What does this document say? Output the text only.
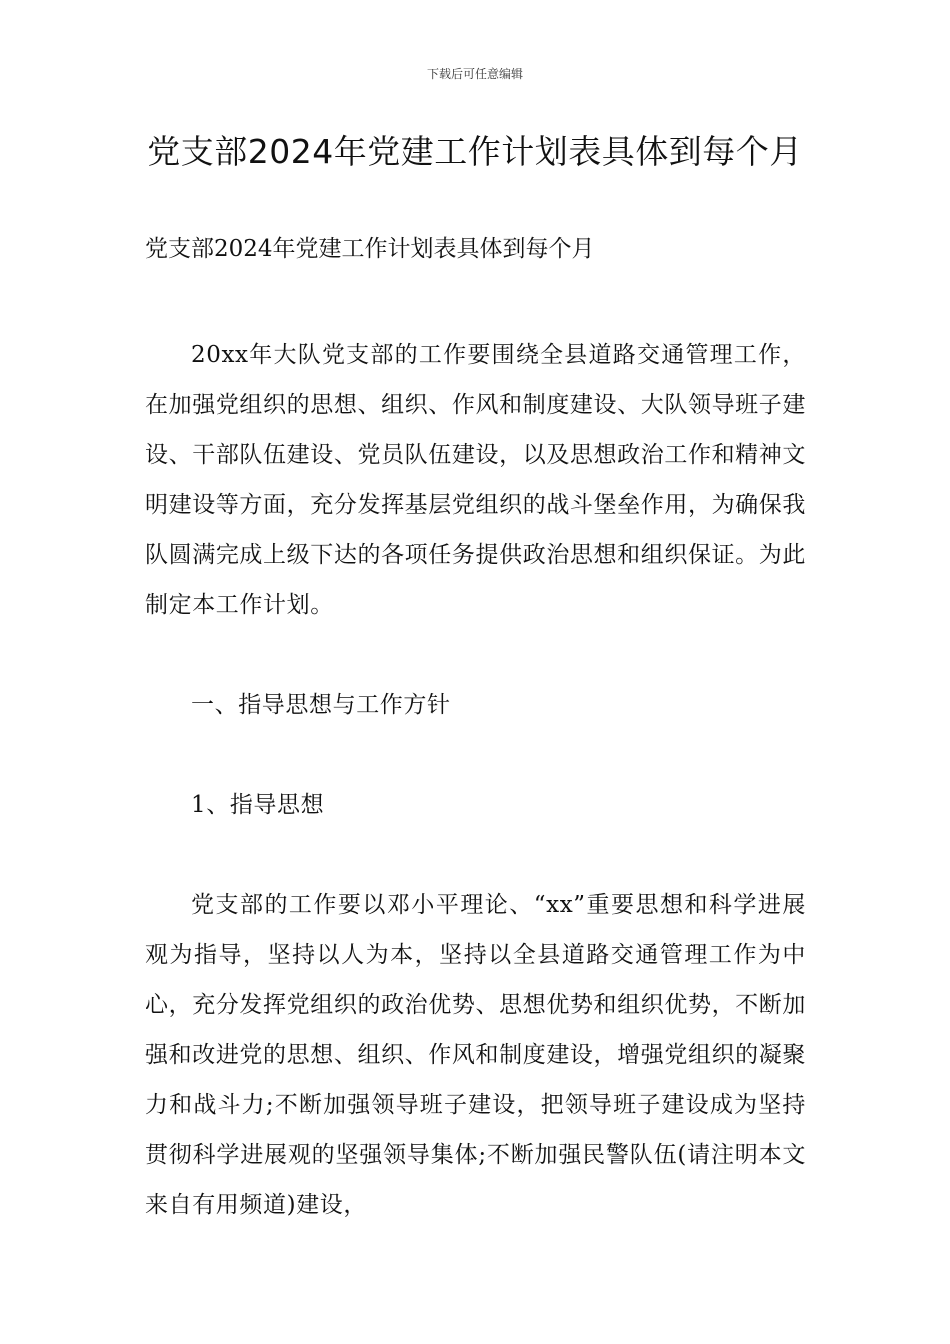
下载后可任意编辑
党支部2024年党建工作计划表具体到每个月
党支部2024年党建工作计划表具体到每个月

20xx年大队党支部的工作要围绕全县道路交通管理工作，在加强党组织的思想、组织、作风和制度建设、大队领导班子建设、干部队伍建设、党员队伍建设，以及思想政治工作和精神文明建设等方面，充分发挥基层党组织的战斗堡垒作用，为确保我队圆满完成上级下达的各项任务提供政治思想和组织保证。为此制定本工作计划。

一、指导思想与工作方针

1、指导思想

党支部的工作要以邓小平理论、“xx”重要思想和科学进展观为指导，坚持以人为本，坚持以全县道路交通管理工作为中心，充分发挥党组织的政治优势、思想优势和组织优势，不断加强和改进党的思想、组织、作风和制度建设，增强党组织的凝聚力和战斗力;不断加强领导班子建设，把领导班子建设成为坚持贯彻科学进展观的坚强领导集体;不断加强民警队伍(请注明本文来自有用频道)建设，
